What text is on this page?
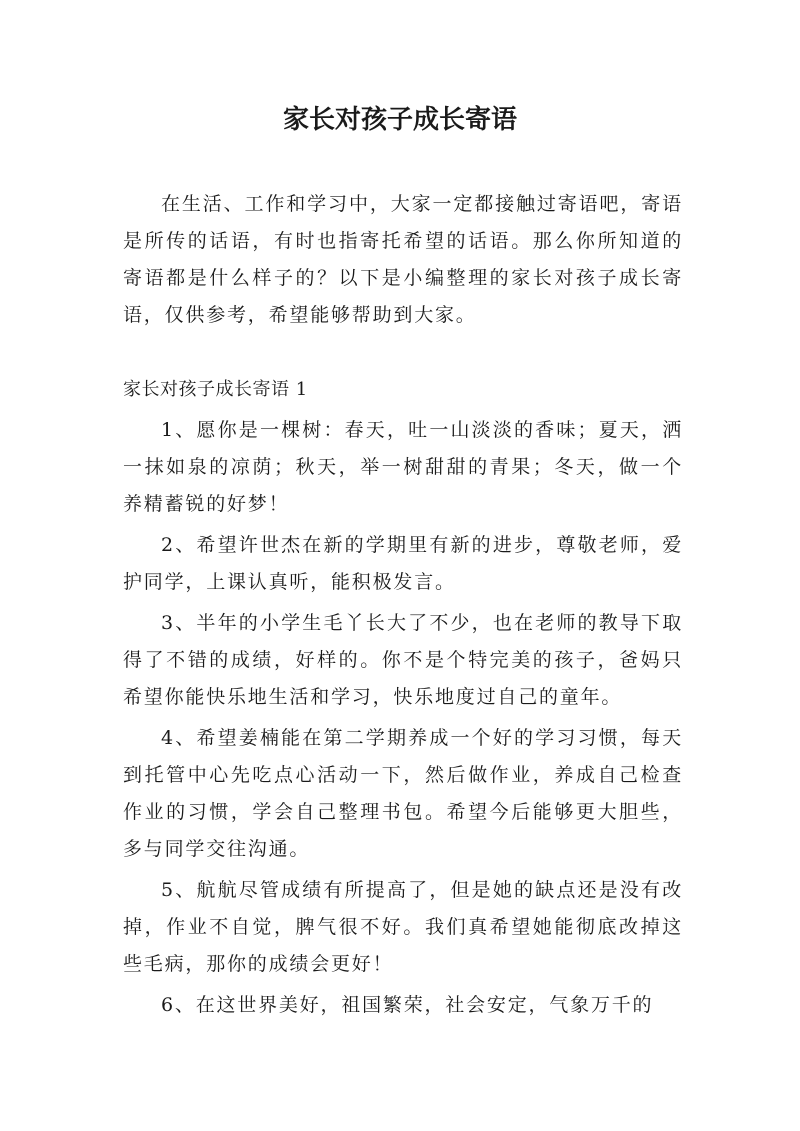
家长对孩子成长寄语

在生活、工作和学习中，大家一定都接触过寄语吧，寄语是所传的话语，有时也指寄托希望的话语。那么你所知道的寄语都是什么样子的？以下是小编整理的家长对孩子成长寄语，仅供参考，希望能够帮助到大家。

家长对孩子成长寄语 1

1、愿你是一棵树：春天，吐一山淡淡的香味；夏天，洒一抹如泉的凉荫；秋天，举一树甜甜的青果；冬天，做一个养精蓄锐的好梦！

2、希望许世杰在新的学期里有新的进步，尊敬老师，爱护同学，上课认真听，能积极发言。

3、半年的小学生毛丫长大了不少，也在老师的教导下取得了不错的成绩，好样的。你不是个特完美的孩子，爸妈只希望你能快乐地生活和学习，快乐地度过自己的童年。

4、希望姜楠能在第二学期养成一个好的学习习惯，每天到托管中心先吃点心活动一下，然后做作业，养成自己检查作业的习惯，学会自己整理书包。希望今后能够更大胆些，多与同学交往沟通。

5、航航尽管成绩有所提高了，但是她的缺点还是没有改掉，作业不自觉，脾气很不好。我们真希望她能彻底改掉这些毛病，那你的成绩会更好！

6、在这世界美好，祖国繁荣，社会安定，气象万千的
